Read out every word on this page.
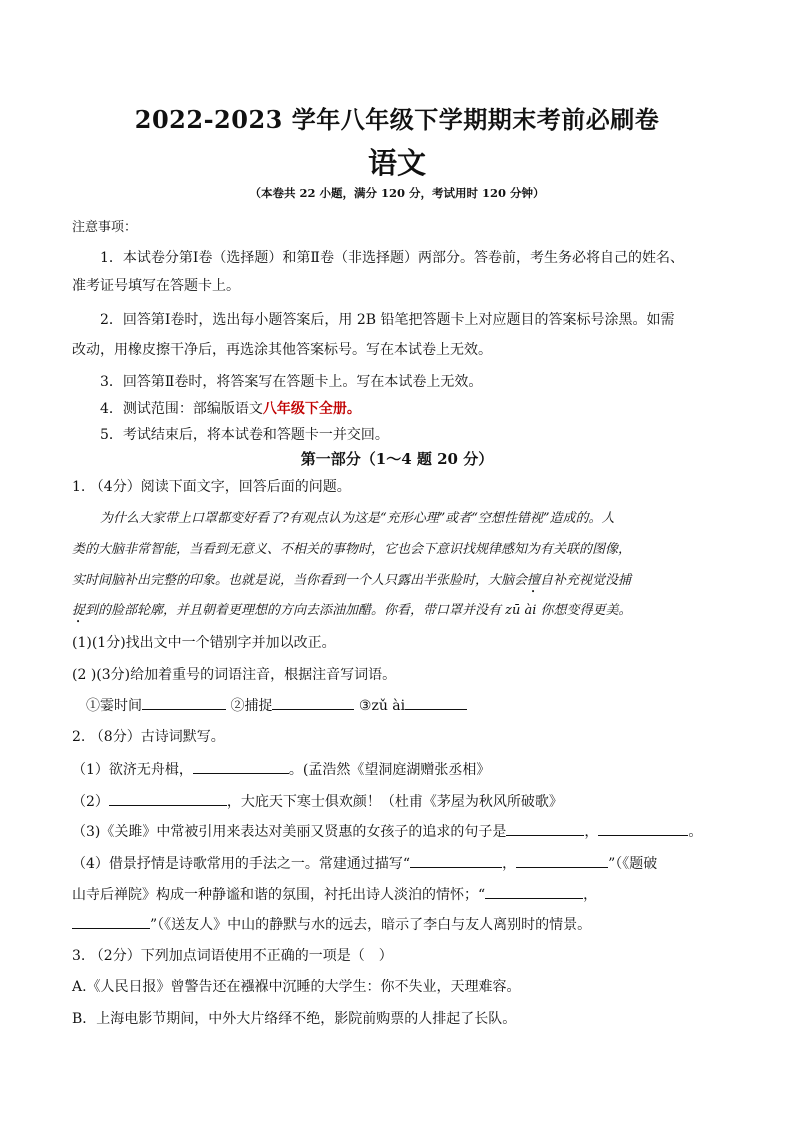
2022-2023 学年八年级下学期期末考前必刷卷
语文
（本卷共 22 小题，满分 120 分，考试用时 120 分钟）
注意事项：
1．本试卷分第Ⅰ卷（选择题）和第Ⅱ卷（非选择题）两部分。答卷前，考生务必将自己的姓名、
准考证号填写在答题卡上。
2．回答第Ⅰ卷时，选出每小题答案后，用 2B 铅笔把答题卡上对应题目的答案标号涂黑。如需
改动，用橡皮擦干净后，再选涂其他答案标号。写在本试卷上无效。
3．回答第Ⅱ卷时，将答案写在答题卡上。写在本试卷上无效。
4．测试范围：部编版语文八年级下全册。
5．考试结束后，将本试卷和答题卡一并交回。
第一部分（1～4 题 20 分）
1. （4分）阅读下面文字，回答后面的问题。
为什么大家带上口罩都变好看了?有观点认为这是“充形心理”或者“空想性错视”造成的。人
类的大脑非常智能，当看到无意义、不相关的事物时，它也会下意识找规律感知为有关联的图像，
实时间脑补出完整的印象。也就是说，当你看到一个人只露出半张脸时，大脑会擅自补充视觉没捕
捉到的脸部轮廓，并且朝着更理想的方向去添油加醋。你看，带口罩并没有 zū ài 你想变得更美。
(1)(1分)找出文中一个错别字并加以改正。
(2 )(3分)给加着重号的词语注音，根据注音写词语。
①霎时间	②捕捉	③zǔ ài
2. （8分）古诗词默写。
（1）欲济无舟楫，	。(孟浩然《望洞庭湖赠张丞相》
（2）	，大庇天下寒士俱欢颜！（杜甫《茅屋为秋风所破歌》
（3)《关雎》中常被引用来表达对美丽又贤惠的女孩子的追求的句子是	，	。
（4）借景抒情是诗歌常用的手法之一。常建通过描写“	，	”（《题破
山寺后禅院》构成一种静谧和谐的氛围，衬托出诗人淡泊的情怀；“	，
”（《送友人》中山的静默与水的远去，暗示了李白与友人离别时的情景。
3. （2分）下列加点词语使用不正确的一项是（　）
A.《人民日报》曾警告还在襁褓中沉睡的大学生：你不失业，天理难容。
B．上海电影节期间，中外大片络绎不绝，影院前购票的人排起了长队。
